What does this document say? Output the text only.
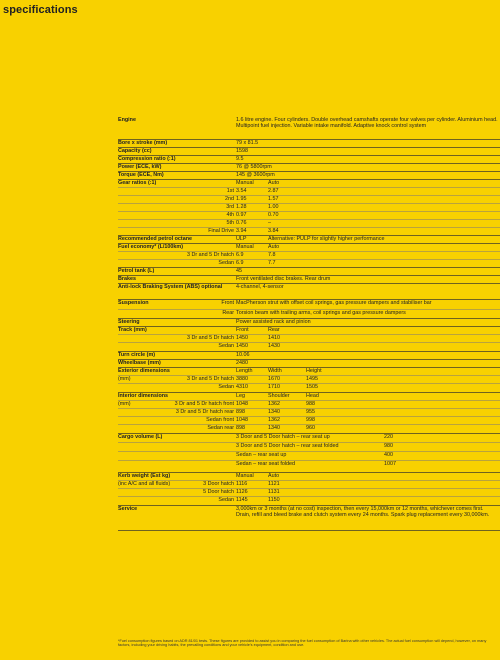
specifications
Engine	1.6 litre engine. Four cylinders. Double overhead camshafts operate four valves per cylinder. Aluminium head. Multipoint fuel injection. Variable intake manifold. Adaptive knock control system
Bore x stroke (mm)	79 x 81.5
Capacity (cc)	1598
Compression ratio (:1)	9.5
Power (ECE, kW)	76 @ 5800rpm
Torque (ECE, Nm)	145 @ 3600rpm
Gear ratios (:1)	Manual	Auto
1st 3.54	2.87
2nd 1.95	1.57
3rd 1.28	1.00
4th 0.97	0.70
5th 0.76	–
Final Drive 3.94	3.84
Recommended petrol octane	ULP	Alternative: PULP for slightly higher performance
Fuel economy* (L/100km)	Manual	Auto
3 Dr and 5 Dr hatch 6.9	7.8
Sedan 6.9	7.7
Petrol tank (L)	45
Brakes	Front ventilated disc brakes. Rear drum
Anti-lock Braking System (ABS) optional	4-channel, 4-sensor
Suspension	Front MacPherson strut with offset coil springs, gas pressure dampers and stabiliser bar
Rear Torsion beam with trailing arms, coil springs and gas pressure dampers
Steering	Power assisted rack and pinion
Track (mm)	Front	Rear
3 Dr and 5 Dr hatch 1450	1410
Sedan 1450	1430
Turn circle (m)	10.06
Wheelbase (mm)	2480
Exterior dimensions	Length	Width	Height
(mm)	3 Dr and 5 Dr hatch 3880	1670	1495
Sedan 4310	1710	1505
Interior dimensions	Leg	Shoulder	Head
(mm)	3 Dr and 5 Dr hatch front 1048	1362	988
3 Dr and 5 Dr hatch rear 898	1340	955
Sedan front 1048	1362	998
Sedan rear 898	1340	960
Cargo volume (L)	3 Door and 5 Door hatch – rear seat up	220
3 Door and 5 Door hatch – rear seat folded	980
Sedan – rear seat up	400
Sedan – rear seat folded	1007
Kerb weight (Est kg)	Manual	Auto
(inc A/C and all fluids)	3 Door hatch 1116	1121
5 Door hatch 1126	1131
Sedan 1145	1150
Service	3,000km or 3 months (at no cost) inspection, then every 15,000km or 12 months, whichever comes first. Drain, refill and bleed brake and clutch system every 24 months. Spark plug replacement every 30,000km.
*Fuel consumption figures based on ADR 81/01 tests. These figures are provided to assist you in comparing the fuel consumption of Barina with other vehicles. The actual fuel consumption will depend, however, on many factors, including your driving habits, the prevailing conditions and your vehicle's equipment, condition and use.
